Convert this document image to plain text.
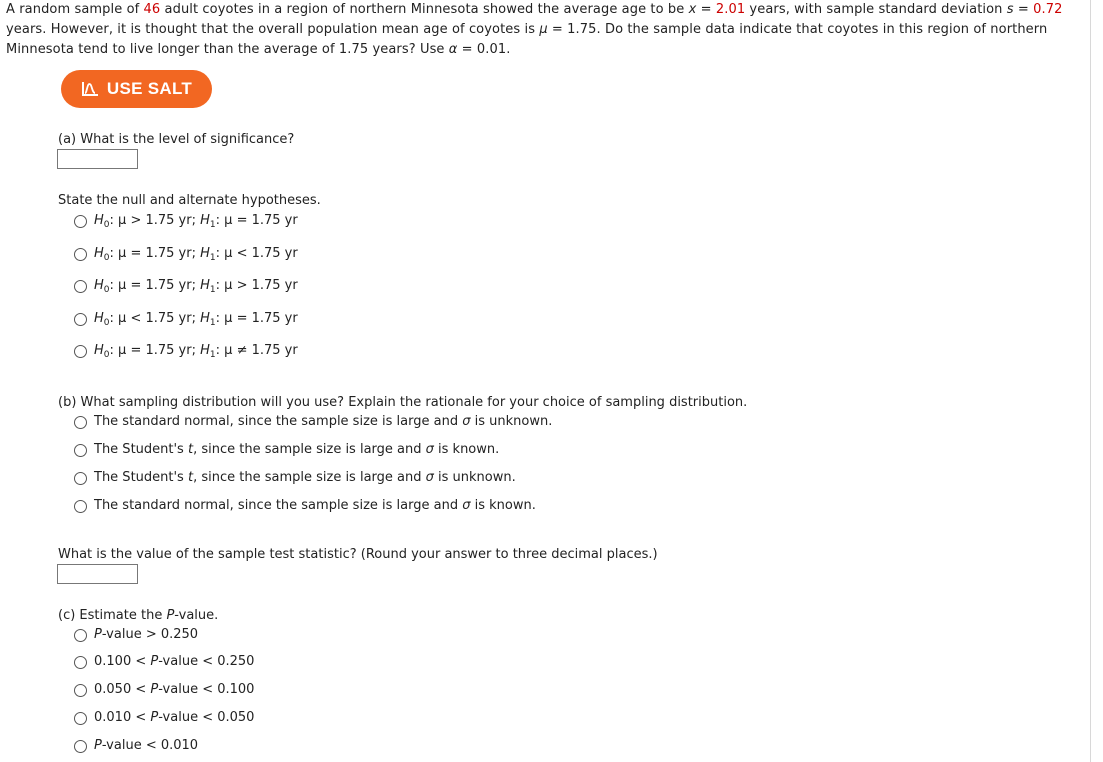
A random sample of 46 adult coyotes in a region of northern Minnesota showed the average age to be x = 2.01 years, with sample standard deviation s = 0.72 years. However, it is thought that the overall population mean age of coyotes is μ = 1.75. Do the sample data indicate that coyotes in this region of northern Minnesota tend to live longer than the average of 1.75 years? Use α = 0.01.
USE SALT
(a) What is the level of significance?
State the null and alternate hypotheses.
$H_0$: μ > 1.75 yr; $H_1$: μ = 1.75 yr
$H_0$: μ = 1.75 yr; $H_1$: μ < 1.75 yr
$H_0$: μ = 1.75 yr; $H_1$: μ > 1.75 yr
$H_0$: μ < 1.75 yr; $H_1$: μ = 1.75 yr
$H_0$: μ = 1.75 yr; $H_1$: μ ≠ 1.75 yr
(b) What sampling distribution will you use? Explain the rationale for your choice of sampling distribution.
The standard normal, since the sample size is large and σ is unknown.
The Student's t, since the sample size is large and σ is known.
The Student's t, since the sample size is large and σ is unknown.
The standard normal, since the sample size is large and σ is known.
What is the value of the sample test statistic? (Round your answer to three decimal places.)
(c) Estimate the P-value.
P-value > 0.250
0.100 < P-value < 0.250
0.050 < P-value < 0.100
0.010 < P-value < 0.050
P-value < 0.010
